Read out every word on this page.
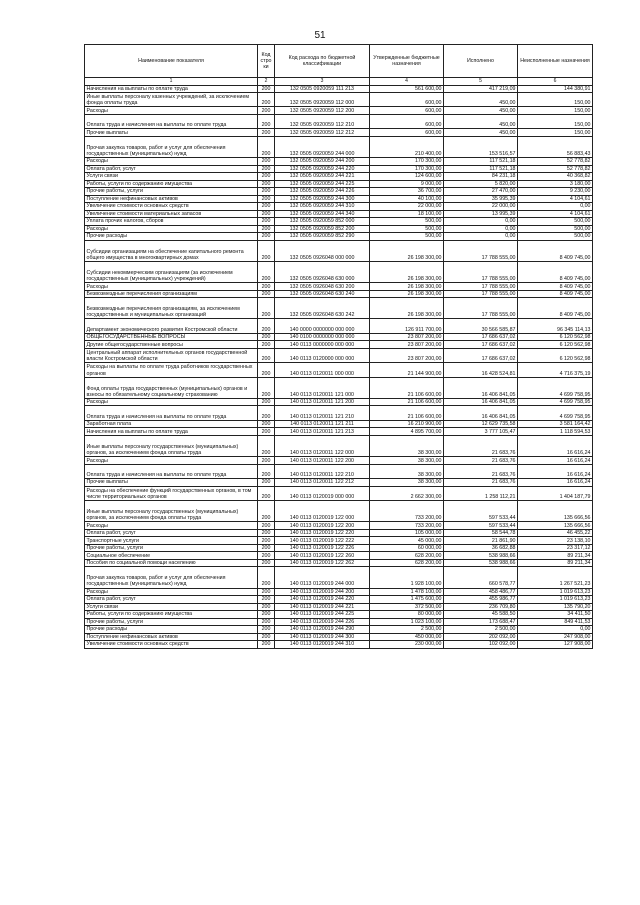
51
Наименование показателя	Код строки	Код расхода по бюджетной классификации	Утвержденные бюджетные назначения	Исполнено	Неисполненные назначения
1	2	3	4	5	6
Начисления на выплаты по оплате труда	200	132 0505 0920059 111 213	561 600,00	417 219,09	144 380,91
Иные выплаты персоналу казенных учреждений, за исключением фонда оплаты труда	200	132 0505 0920059 112 000	600,00	450,00	150,00
Расходы	200	132 0505 0920059 112 200	600,00	450,00	150,00
Оплата труда и начисления на выплаты по оплате труда	200	132 0505 0920059 112 210	600,00	450,00	150,00
Прочие выплаты	200	132 0505 0920059 112 212	600,00	450,00	150,00
Прочая закупка товаров, работ и услуг для обеспечения государственных (муниципальных) нужд	200	132 0505 0920059 244 000	210 400,00	153 516,57	56 883,43
Расходы	200	132 0505 0920059 244 200	170 300,00	117 521,18	52 778,82
Оплата работ, услуг	200	132 0505 0920059 244 220	170 300,00	117 521,18	52 778,82
Услуги связи	200	132 0505 0920059 244 221	124 600,00	84 231,18	40 368,82
Работы, услуги по содержанию имущества	200	132 0505 0920059 244 225	9 000,00	5 820,00	3 180,00
Прочие работы, услуги	200	132 0505 0920059 244 226	36 700,00	27 470,00	9 230,00
Поступление нефинансовых активов	200	132 0505 0920059 244 300	40 100,00	35 995,39	4 104,61
Увеличение стоимости основных средств	200	132 0505 0920059 244 310	22 000,00	22 000,00	0,00
Увеличение стоимости материальных запасов	200	132 0505 0920059 244 340	18 100,00	13 995,39	4 104,61
Уплата прочих налогов, сборов	200	132 0505 0920059 852 000	500,00	0,00	500,00
Расходы	200	132 0505 0920059 852 200	500,00	0,00	500,00
Прочие расходы	200	132 0505 0920059 852 290	500,00	0,00	500,00
Субсидии организациям на обеспечение капитального ремонта общего имущества в многоквартирных домах	200	132 0505 0926048 000 000	26 198 300,00	17 788 555,00	8 409 745,00
Субсидии некоммерческим организациям (за исключением государственных (муниципальных) учреждений)	200	132 0505 0926048 630 000	26 198 300,00	17 788 555,00	8 409 745,00
Расходы	200	132 0505 0926048 630 200	26 198 300,00	17 788 555,00	8 409 745,00
Безвозмездные перечисления организациям	200	132 0505 0926048 630 240	26 198 300,00	17 788 555,00	8 409 745,00
Безвозмездные перечисления организациям, за исключением государственных и муниципальных организаций	200	132 0505 0926048 630 242	26 198 300,00	17 788 555,00	8 409 745,00
Департамент экономического развития Костромской области	200	140 0000 0000000 000 000	126 911 700,00	30 566 585,87	96 345 114,13
ОБЩЕГОСУДАРСТВЕННЫЕ ВОПРОСЫ	200	140 0100 0000000 000 000	23 807 200,00	17 686 637,02	6 120 562,98
Другие общегосударственные вопросы	200	140 0113 0000000 000 000	23 807 200,00	17 686 637,02	6 120 562,98
Центральный аппарат исполнительных органов государственной власти Костромской области	200	140 0113 0120000 000 000	23 807 200,00	17 686 637,02	6 120 562,98
Расходы на выплаты по оплате труда работников государственных органов	200	140 0113 0120011 000 000	21 144 900,00	16 428 524,81	4 716 375,19
Фонд оплаты труда государственных (муниципальных) органов и взносы по обязательному социальному страхованию	200	140 0113 0120011 121 000	21 106 600,00	16 406 841,05	4 699 758,95
Расходы	200	140 0113 0120011 121 200	21 106 600,00	16 406 841,05	4 699 758,95
Оплата труда и начисления на выплаты по оплате труда	200	140 0113 0120011 121 210	21 106 600,00	16 406 841,05	4 699 758,95
Заработная плата	200	140 0113 0120011 121 211	16 210 900,00	12 629 735,58	3 581 164,42
Начисления на выплаты по оплате труда	200	140 0113 0120011 121 213	4 895 700,00	3 777 105,47	1 118 594,53
Иные выплаты персоналу государственных (муниципальных) органов, за исключением фонда оплаты труда	200	140 0113 0120011 122 000	38 300,00	21 683,76	16 616,24
Расходы	200	140 0113 0120011 122 200	38 300,00	21 683,76	16 616,24
Оплата труда и начисления на выплаты по оплате труда	200	140 0113 0120011 122 210	38 300,00	21 683,76	16 616,24
Прочие выплаты	200	140 0113 0120011 122 212	38 300,00	21 683,76	16 616,24
Расходы на обеспечение функций государственных органов, в том числе территориальных органов	200	140 0113 0120019 000 000	2 662 300,00	1 258 112,21	1 404 187,79
Иные выплаты персоналу государственных (муниципальных) органов, за исключением фонда оплаты труда	200	140 0113 0120019 122 000	733 200,00	597 533,44	135 666,56
Расходы	200	140 0113 0120019 122 200	733 200,00	597 533,44	135 666,56
Оплата работ, услуг	200	140 0113 0120019 122 220	105 000,00	58 544,78	46 455,22
Транспортные услуги	200	140 0113 0120019 122 222	45 000,00	21 861,90	23 138,10
Прочие работы, услуги	200	140 0113 0120019 122 226	60 000,00	36 682,88	23 317,12
Социальное обеспечение	200	140 0113 0120019 122 260	628 200,00	538 988,66	89 211,34
Пособия по социальной помощи населению	200	140 0113 0120019 122 262	628 200,00	538 988,66	89 211,34
Прочая закупка товаров, работ и услуг для обеспечения государственных (муниципальных) нужд	200	140 0113 0120019 244 000	1 928 100,00	660 578,77	1 267 521,23
Расходы	200	140 0113 0120019 244 200	1 478 100,00	458 486,77	1 019 613,23
Оплата работ, услуг	200	140 0113 0120019 244 220	1 475 600,00	455 986,77	1 019 613,23
Услуги связи	200	140 0113 0120019 244 221	372 500,00	236 709,80	135 790,20
Работы, услуги по содержанию имущества	200	140 0113 0120019 244 225	80 000,00	45 588,50	34 411,50
Прочие работы, услуги	200	140 0113 0120019 244 226	1 023 100,00	173 688,47	849 411,53
Прочие расходы	200	140 0113 0120019 244 290	2 500,00	2 500,00	0,00
Поступление нефинансовых активов	200	140 0113 0120019 244 300	450 000,00	202 092,00	247 908,00
Увеличение стоимости основных средств	200	140 0113 0120019 244 310	230 000,00	102 092,00	127 908,00
